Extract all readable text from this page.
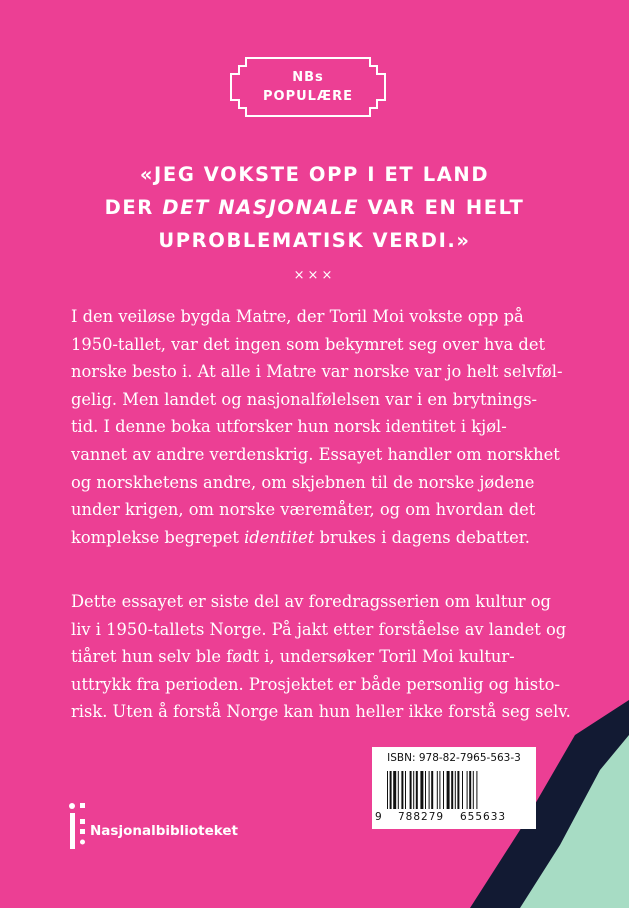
NBs
POPULÆRE
«JEG VOKSTE OPP I ET LAND
DER DET NASJONALE VAR EN HELT
UPROBLEMATISK VERDI.»
×××
I den veiløse bygda Matre, der Toril Moi vokste opp på
1950-tallet, var det ingen som bekymret seg over hva det
norske besto i. At alle i Matre var norske var jo helt selvføl-
gelig. Men landet og nasjonalfølelsen var i en brytnings-
tid. I denne boka utforsker hun norsk identitet i kjøl-
vannet av andre verdenskrig. Essayet handler om norskhet
og norskhetens andre, om skjebnen til de norske jødene
under krigen, om norske væremåter, og om hvordan det
komplekse begrepet identitet brukes i dagens debatter.
Dette essayet er siste del av foredragsserien om kultur og
liv i 1950-tallets Norge. På jakt etter forståelse av landet og
tiåret hun selv ble født i, undersøker Toril Moi kultur-
uttrykk fra perioden. Prosjektet er både personlig og histo-
risk. Uten å forstå Norge kan hun heller ikke forstå seg selv.
ISBN: 978-82-7965-563-3
9 788279 655633
Nasjonalbiblioteket
